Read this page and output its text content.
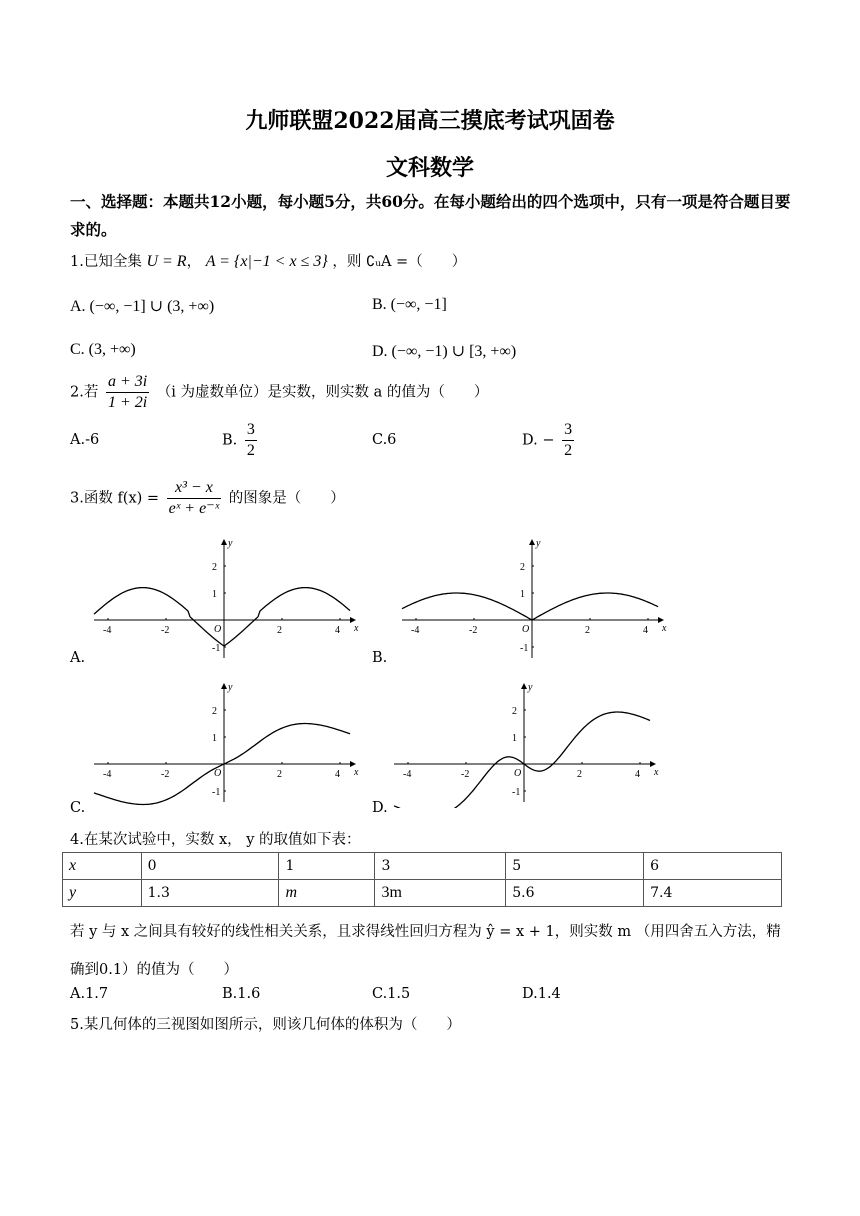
九师联盟2022届高三摸底考试巩固卷
文科数学
一、选择题：本题共12小题，每小题5分，共60分。在每小题给出的四个选项中，只有一项是符合题目要求的。
1.已知全集 U = R， A = {x|−1 < x ≤ 3} ，则 ∁ᵤA =（　　）
A. (−∞, −1] ∪ (3, +∞)	B. (−∞, −1]
C. (3, +∞)	D. (−∞, −1) ∪ [3, +∞)
2.若 $\frac{a + 3i}{1 + 2i} (i$ 为虚数单位）是实数，则实数 a 的值为（　　）
A.-6	B. $\frac{3}{2}$	C.6	D. − $\frac{3}{2}$
3.函数 $f(x) = \frac{\text{x³ − x}}{\text{eˣ + e⁻ˣ}}$ 的图象是（　　）
x
y
O
-4	-2	2	4
2
1
-1
x
y
O
-4	-2	2	4
2
1
-1
x
y
O
-4	-2	2	4
2
1
-1
x
y
O
-4	-2	2	4
2
1
-1
A.	B.
C.	D.
4.在某次试验中，实数 x， y 的取值如下表：
x	0	1	3	5	6
y	1.3	m	3m	5.6	7.4
若 y 与 x 之间具有较好的线性相关关系，且求得线性回归方程为 ŷ = x + 1，则实数 m （用四舍五入方法，精
确到0.1）的值为（　　）
A.1.7	B.1.6	C.1.5	D.1.4
5.某几何体的三视图如图所示，则该几何体的体积为（　　）
